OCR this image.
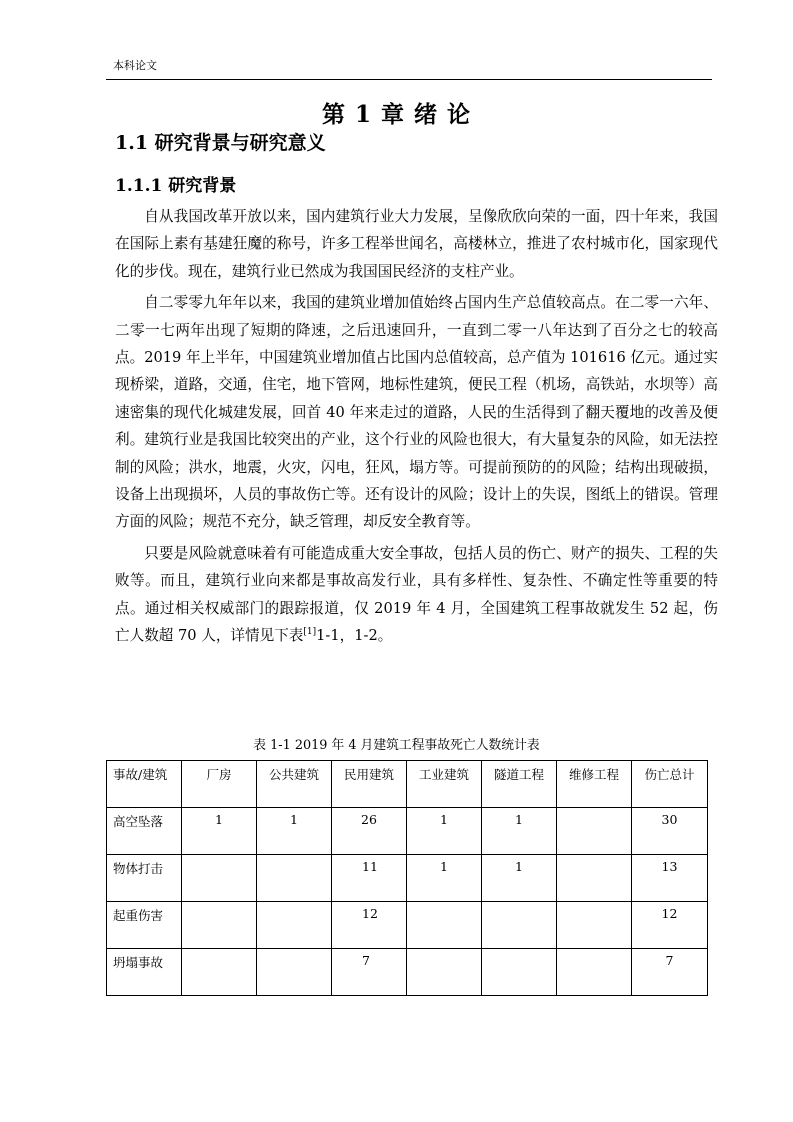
本科论文
第 1 章 绪 论
1.1 研究背景与研究意义
1.1.1 研究背景

自从我国改革开放以来，国内建筑行业大力发展，呈像欣欣向荣的一面，四十年来，我国在国际上素有基建狂魔的称号，许多工程举世闻名，高楼林立，推进了农村城市化，国家现代化的步伐。现在，建筑行业已然成为我国国民经济的支柱产业。

自二零零九年年以来，我国的建筑业增加值始终占国内生产总值较高点。在二零一六年、二零一七两年出现了短期的降速，之后迅速回升，一直到二零一八年达到了百分之七的较高点。2019 年上半年，中国建筑业增加值占比国内总值较高，总产值为 101616 亿元。通过实现桥梁，道路，交通，住宅，地下管网，地标性建筑，便民工程（机场，高铁站，水坝等）高速密集的现代化城建发展，回首 40 年来走过的道路，人民的生活得到了翻天覆地的改善及便利。建筑行业是我国比较突出的产业，这个行业的风险也很大，有大量复杂的风险，如无法控制的风险；洪水，地震，火灾，闪电，狂风，塌方等。可提前预防的的风险；结构出现破损，设备上出现损坏，人员的事故伤亡等。还有设计的风险；设计上的失误，图纸上的错误。管理方面的风险；规范不充分，缺乏管理，却反安全教育等。

只要是风险就意味着有可能造成重大安全事故，包括人员的伤亡、财产的损失、工程的失败等。而且，建筑行业向来都是事故高发行业，具有多样性、复杂性、不确定性等重要的特点。通过相关权威部门的跟踪报道，仅 2019 年 4 月，全国建筑工程事故就发生 52 起，伤亡人数超 70 人，详情见下表[1]1-1，1-2。

表 1-1 2019 年 4 月建筑工程事故死亡人数统计表
事故/建筑	厂房	公共建筑	民用建筑	工业建筑	隧道工程	维修工程	伤亡总计
高空坠落	1	1	26	1	1		30
物体打击			11	1	1		13
起重伤害			12				12
坍塌事故			7				7
